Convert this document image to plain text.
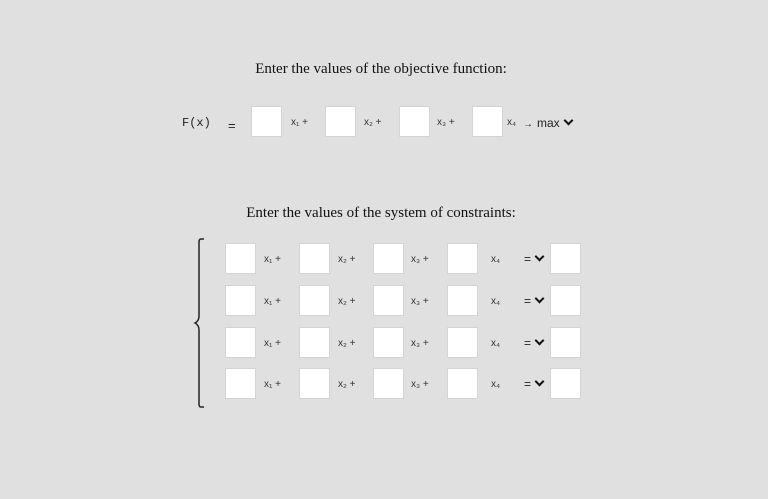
Enter the values of the objective function:
F(x) =	x₁ +	x₂ +	x₃ +	x₄ → max
Enter the values of the system of constraints:
x₁ +	x₂ +	x₃ +	x₄ =
x₁ +	x₂ +	x₃ +	x₄ =
x₁ +	x₂ +	x₃ +	x₄ =
x₁ +	x₂ +	x₃ +	x₄ =
